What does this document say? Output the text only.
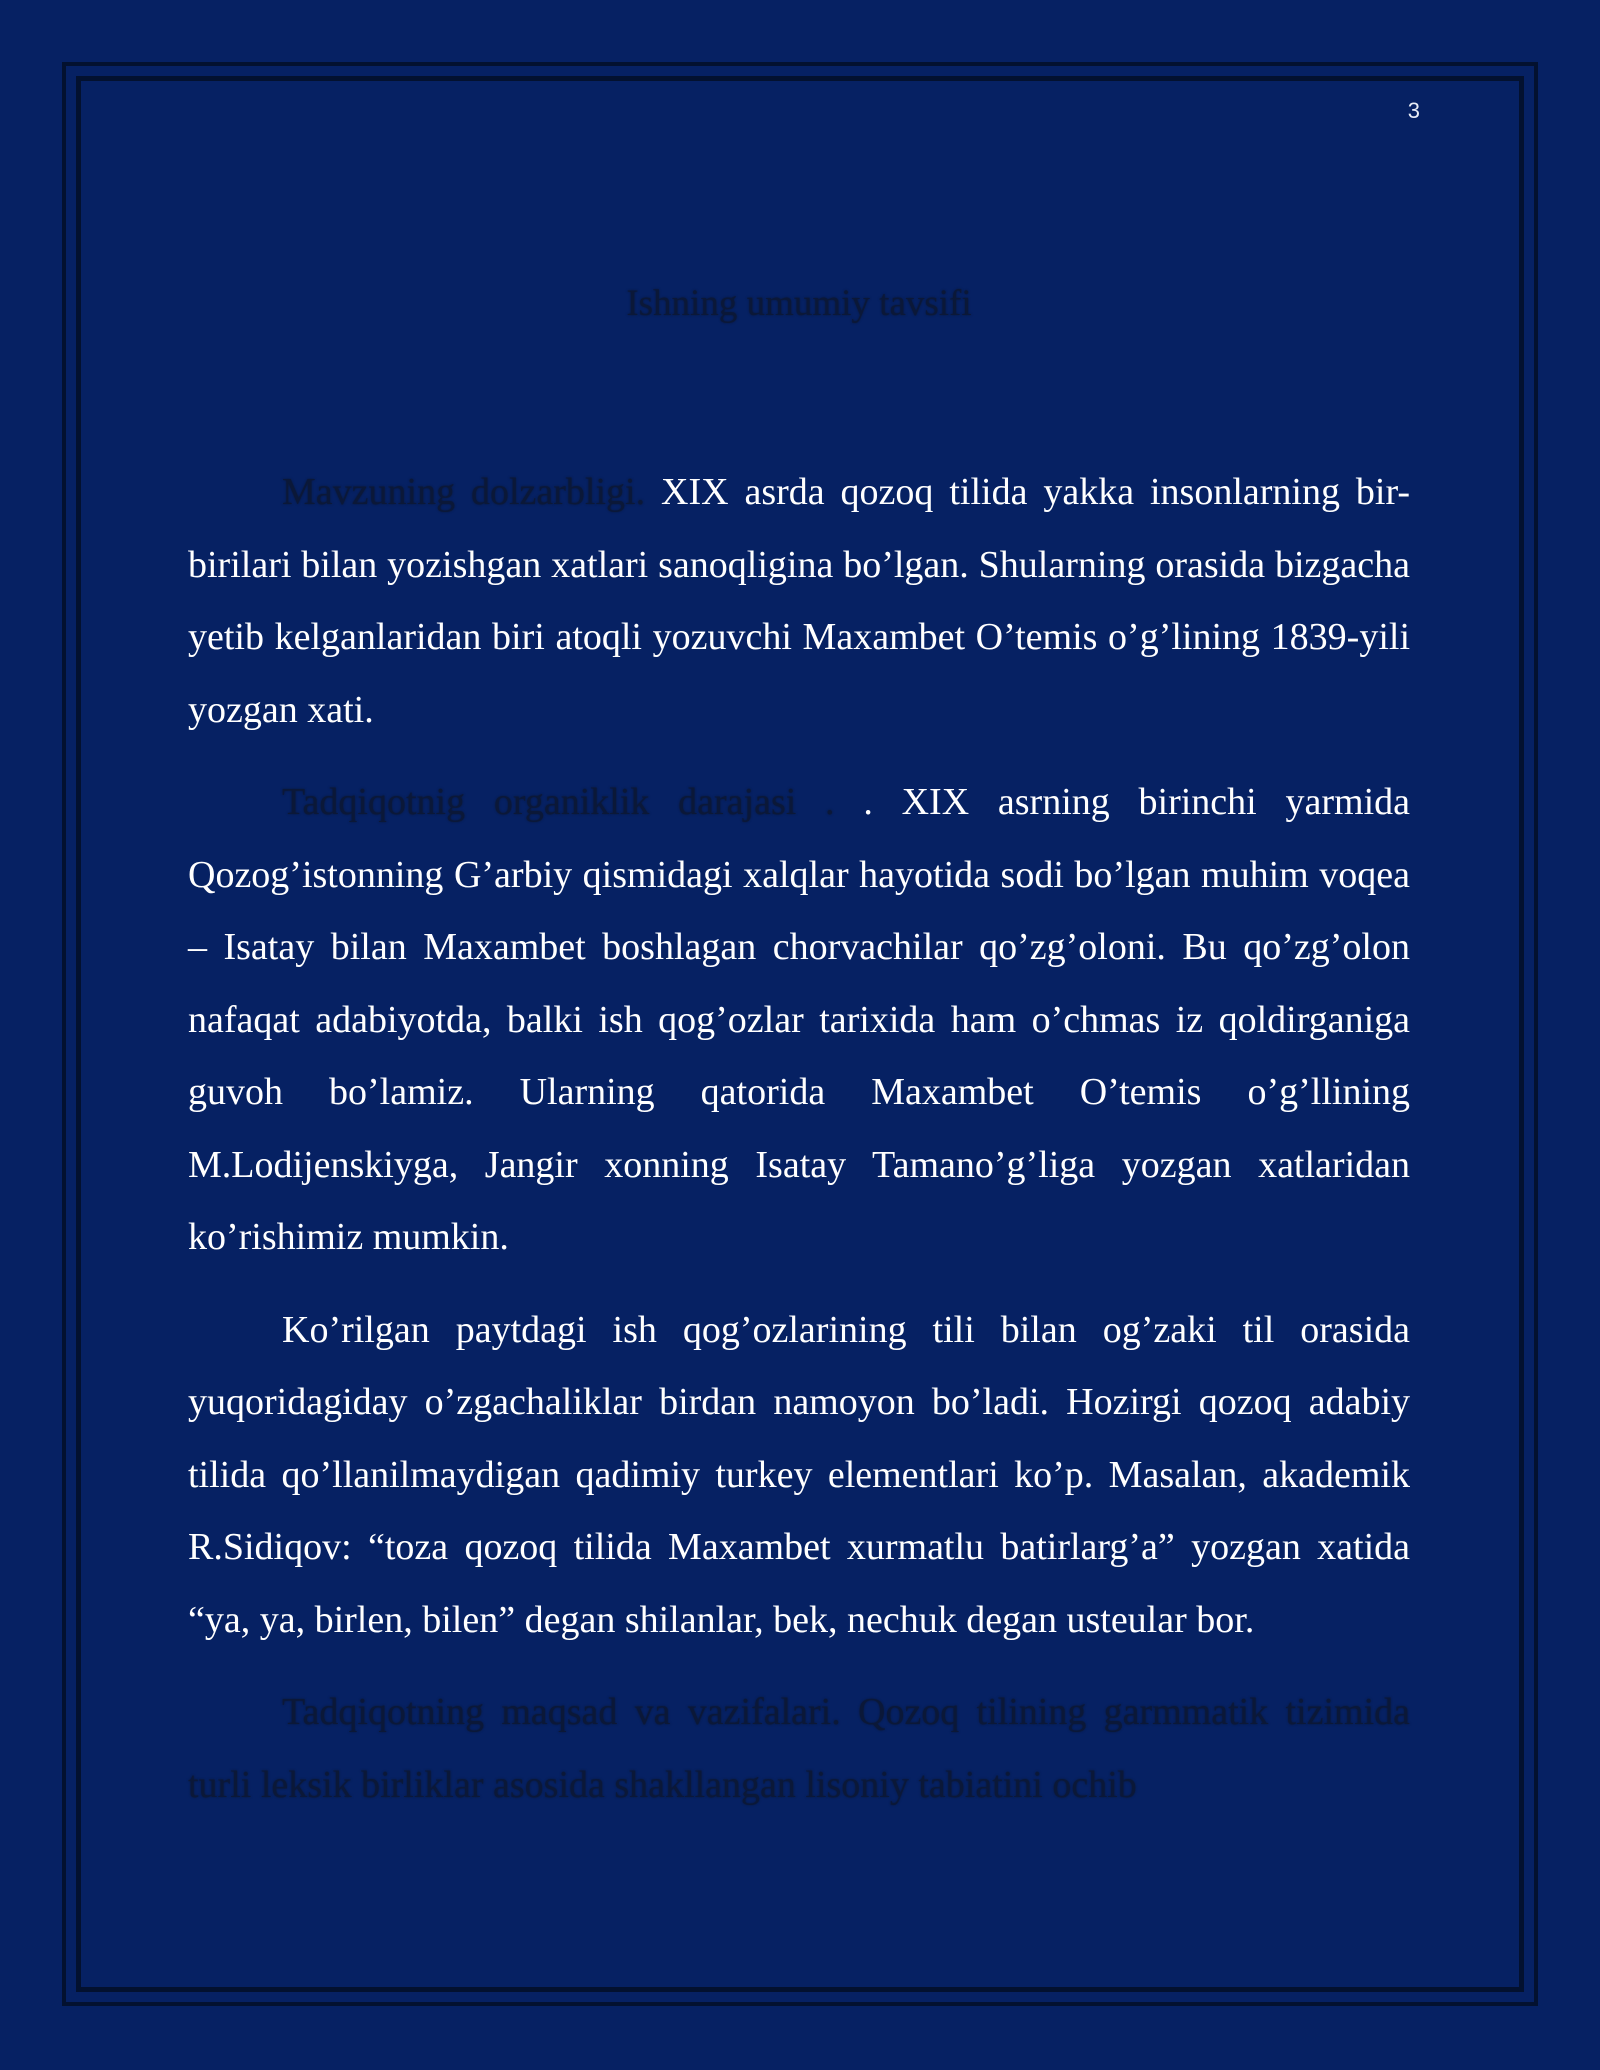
3
Ishning umumiy tavsifi

Mavzuning dolzarbligi. XIX asrda qozoq tilida yakka insonlarning bir-birilari bilan yozishgan xatlari sanoqligina bo’lgan. Shularning orasida bizgacha yetib kelganlaridan biri atoqli yozuvchi Maxambet O’temis o’g’lining 1839-yili yozgan xati.

Tadqiqotnig organiklik darajasi . . XIX asrning birinchi yarmida Qozog’istonning G’arbiy qismidagi xalqlar hayotida sodi bo’lgan muhim voqea – Isatay bilan Maxambet boshlagan chorvachilar qo’zg’oloni. Bu qo’zg’olon nafaqat adabiyotda, balki ish qog’ozlar tarixida ham o’chmas iz qoldirganiga guvoh bo’lamiz. Ularning qatorida Maxambet O’temis o’g’llining M.Lodijenskiyga, Jangir xonning Isatay Tamano’g’liga yozgan xatlaridan ko’rishimiz mumkin.

Ko’rilgan paytdagi ish qog’ozlarining tili bilan og’zaki til orasida yuqoridagiday o’zgachaliklar birdan namoyon bo’ladi. Hozirgi qozoq adabiy tilida qo’llanilmaydigan qadimiy turkey elementlari ko’p. Masalan, akademik R.Sidiqov: “toza qozoq tilida Maxambet xurmatlu batirlarg’a” yozgan xatida “ya, ya, birlen, bilen” degan shilanlar, bek, nechuk degan usteular bor.

Tadqiqotning maqsad va vazifalari. Qozoq tilining garmmatik tizimida turli leksik birliklar asosida shakllangan lisoniy tabiatini ochib
